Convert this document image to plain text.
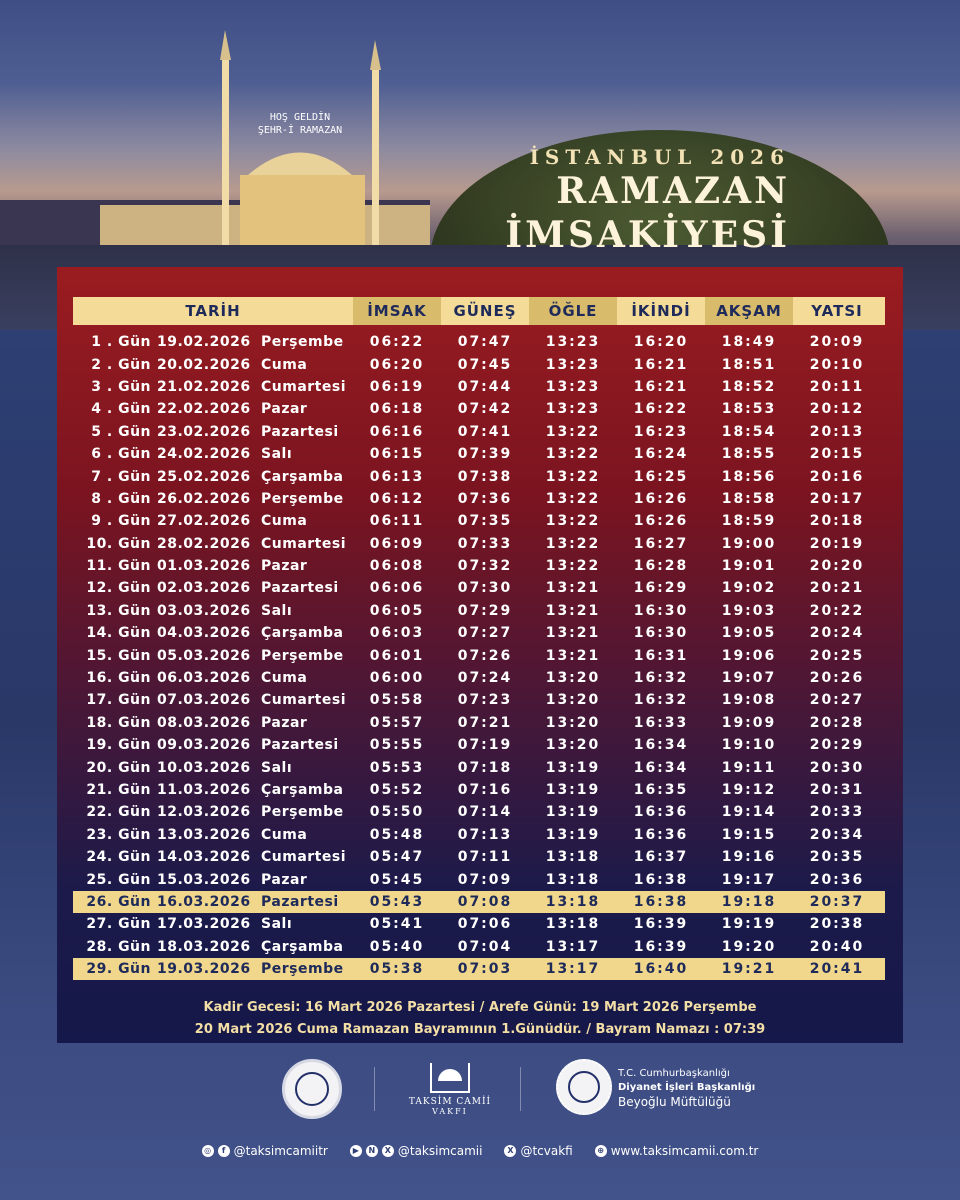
HOŞ GELDİN
ŞEHR-İ RAMAZAN
İSTANBUL 2026
RAMAZAN
İMSAKİYESİ
TARİH	İMSAK	GÜNEŞ	ÖĞLE	İKİNDİ	AKŞAM	YATSI
1 . Gün 19.02.2026 Perşembe	06:22	07:47	13:23	16:20	18:49	20:09
2 . Gün 20.02.2026 Cuma	06:20	07:45	13:23	16:21	18:51	20:10
3 . Gün 21.02.2026 Cumartesi	06:19	07:44	13:23	16:21	18:52	20:11
4 . Gün 22.02.2026 Pazar	06:18	07:42	13:23	16:22	18:53	20:12
5 . Gün 23.02.2026 Pazartesi	06:16	07:41	13:22	16:23	18:54	20:13
6 . Gün 24.02.2026 Salı	06:15	07:39	13:22	16:24	18:55	20:15
7 . Gün 25.02.2026 Çarşamba	06:13	07:38	13:22	16:25	18:56	20:16
8 . Gün 26.02.2026 Perşembe	06:12	07:36	13:22	16:26	18:58	20:17
9 . Gün 27.02.2026 Cuma	06:11	07:35	13:22	16:26	18:59	20:18
10. Gün 28.02.2026 Cumartesi	06:09	07:33	13:22	16:27	19:00	20:19
11. Gün 01.03.2026 Pazar	06:08	07:32	13:22	16:28	19:01	20:20
12. Gün 02.03.2026 Pazartesi	06:06	07:30	13:21	16:29	19:02	20:21
13. Gün 03.03.2026 Salı	06:05	07:29	13:21	16:30	19:03	20:22
14. Gün 04.03.2026 Çarşamba	06:03	07:27	13:21	16:30	19:05	20:24
15. Gün 05.03.2026 Perşembe	06:01	07:26	13:21	16:31	19:06	20:25
16. Gün 06.03.2026 Cuma	06:00	07:24	13:20	16:32	19:07	20:26
17. Gün 07.03.2026 Cumartesi	05:58	07:23	13:20	16:32	19:08	20:27
18. Gün 08.03.2026 Pazar	05:57	07:21	13:20	16:33	19:09	20:28
19. Gün 09.03.2026 Pazartesi	05:55	07:19	13:20	16:34	19:10	20:29
20. Gün 10.03.2026 Salı	05:53	07:18	13:19	16:34	19:11	20:30
21. Gün 11.03.2026 Çarşamba	05:52	07:16	13:19	16:35	19:12	20:31
22. Gün 12.03.2026 Perşembe	05:50	07:14	13:19	16:36	19:14	20:33
23. Gün 13.03.2026 Cuma	05:48	07:13	13:19	16:36	19:15	20:34
24. Gün 14.03.2026 Cumartesi	05:47	07:11	13:18	16:37	19:16	20:35
25. Gün 15.03.2026 Pazar	05:45	07:09	13:18	16:38	19:17	20:36
26. Gün 16.03.2026 Pazartesi	05:43	07:08	13:18	16:38	19:18	20:37
27. Gün 17.03.2026 Salı	05:41	07:06	13:18	16:39	19:19	20:38
28. Gün 18.03.2026 Çarşamba	05:40	07:04	13:17	16:39	19:20	20:40
29. Gün 19.03.2026 Perşembe	05:38	07:03	13:17	16:40	19:21	20:41
Kadir Gecesi: 16 Mart 2026 Pazartesi / Arefe Günü: 19 Mart 2026 Perşembe
20 Mart 2026 Cuma Ramazan Bayramının 1.Günüdür. / Bayram Namazı : 07:39
TAKSİM CAMİİ
VAKFI
T.C. Cumhurbaşkanlığı
Diyanet İşleri Başkanlığı
Beyoğlu Müftülüğü
◎	f @taksimcamiitr	▶	N	X @taksimcamii	X @tcvakfi	⊕ www.taksimcamii.com.tr
